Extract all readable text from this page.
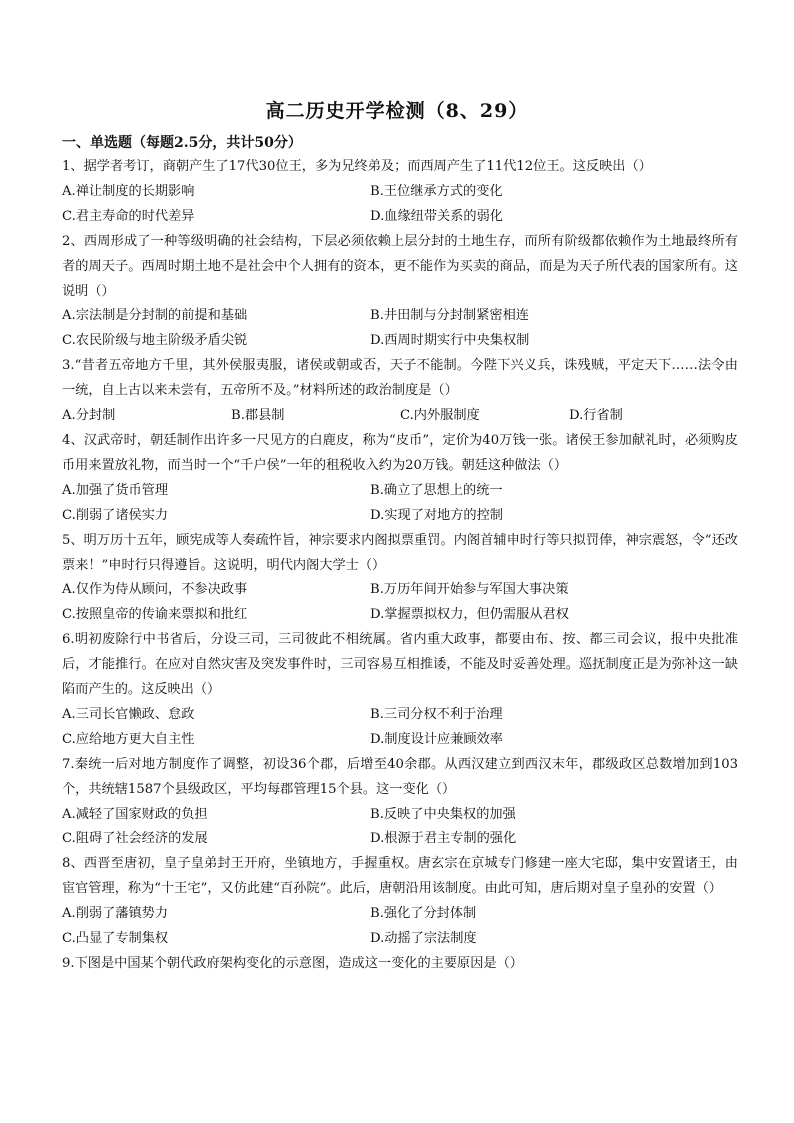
高二历史开学检测（8、29）
一、单选题（每题2.5分，共计50分）

1、据学者考订，商朝产生了17代30位王，多为兄终弟及；而西周产生了11代12位王。这反映出（）

A.禅让制度的长期影响	B.王位继承方式的变化
C.君主寿命的时代差异	D.血缘纽带关系的弱化

2、西周形成了一种等级明确的社会结构，下层必须依赖上层分封的土地生存，而所有阶级都依赖作为土地最终所有者的周天子。西周时期土地不是社会中个人拥有的资本，更不能作为买卖的商品，而是为天子所代表的国家所有。这说明（）

A.宗法制是分封制的前提和基础	B.井田制与分封制紧密相连
C.农民阶级与地主阶级矛盾尖锐	D.西周时期实行中央集权制

3.“昔者五帝地方千里，其外侯服夷服，诸侯或朝或否，天子不能制。今陛下兴义兵，诛残贼，平定天下……法令由一统，自上古以来未尝有，五帝所不及。”材料所述的政治制度是（）

A.分封制	B.郡县制	C.内外服制度	D.行省制

4、汉武帝时，朝廷制作出许多一尺见方的白鹿皮，称为“皮币”，定价为40万钱一张。诸侯王参加献礼时，必须购皮币用来置放礼物，而当时一个“千户侯”一年的租税收入约为20万钱。朝廷这种做法（）

A.加强了货币管理	B.确立了思想上的统一
C.削弱了诸侯实力	D.实现了对地方的控制

5、明万历十五年，顾宪成等人奏疏忤旨，神宗要求内阁拟票重罚。内阁首辅申时行等只拟罚俸，神宗震怒，令“还改票来！”申时行只得遵旨。这说明，明代内阁大学士（）

A.仅作为侍从顾问，不参决政事	B.万历年间开始参与军国大事决策
C.按照皇帝的传谕来票拟和批红	D.掌握票拟权力，但仍需服从君权

6.明初废除行中书省后，分设三司，三司彼此不相统属。省内重大政事，都要由布、按、都三司会议，报中央批准后，才能推行。在应对自然灾害及突发事件时，三司容易互相推诿，不能及时妥善处理。巡抚制度正是为弥补这一缺陷而产生的。这反映出（）

A.三司长官懒政、怠政	B.三司分权不利于治理
C.应给地方更大自主性	D.制度设计应兼顾效率

7.秦统一后对地方制度作了调整，初设36个郡，后增至40余郡。从西汉建立到西汉末年，郡级政区总数增加到103个，共统辖1587个县级政区，平均每郡管理15个县。这一变化（）

A.减轻了国家财政的负担	B.反映了中央集权的加强
C.阻碍了社会经济的发展	D.根源于君主专制的强化

8、西晋至唐初，皇子皇弟封王开府，坐镇地方，手握重权。唐玄宗在京城专门修建一座大宅邸，集中安置诸王，由宦官管理，称为“十王宅”，又仿此建“百孙院”。此后，唐朝沿用该制度。由此可知，唐后期对皇子皇孙的安置（）

A.削弱了藩镇势力	B.强化了分封体制
C.凸显了专制集权	D.动摇了宗法制度

9.下图是中国某个朝代政府架构变化的示意图，造成这一变化的主要原因是（）
